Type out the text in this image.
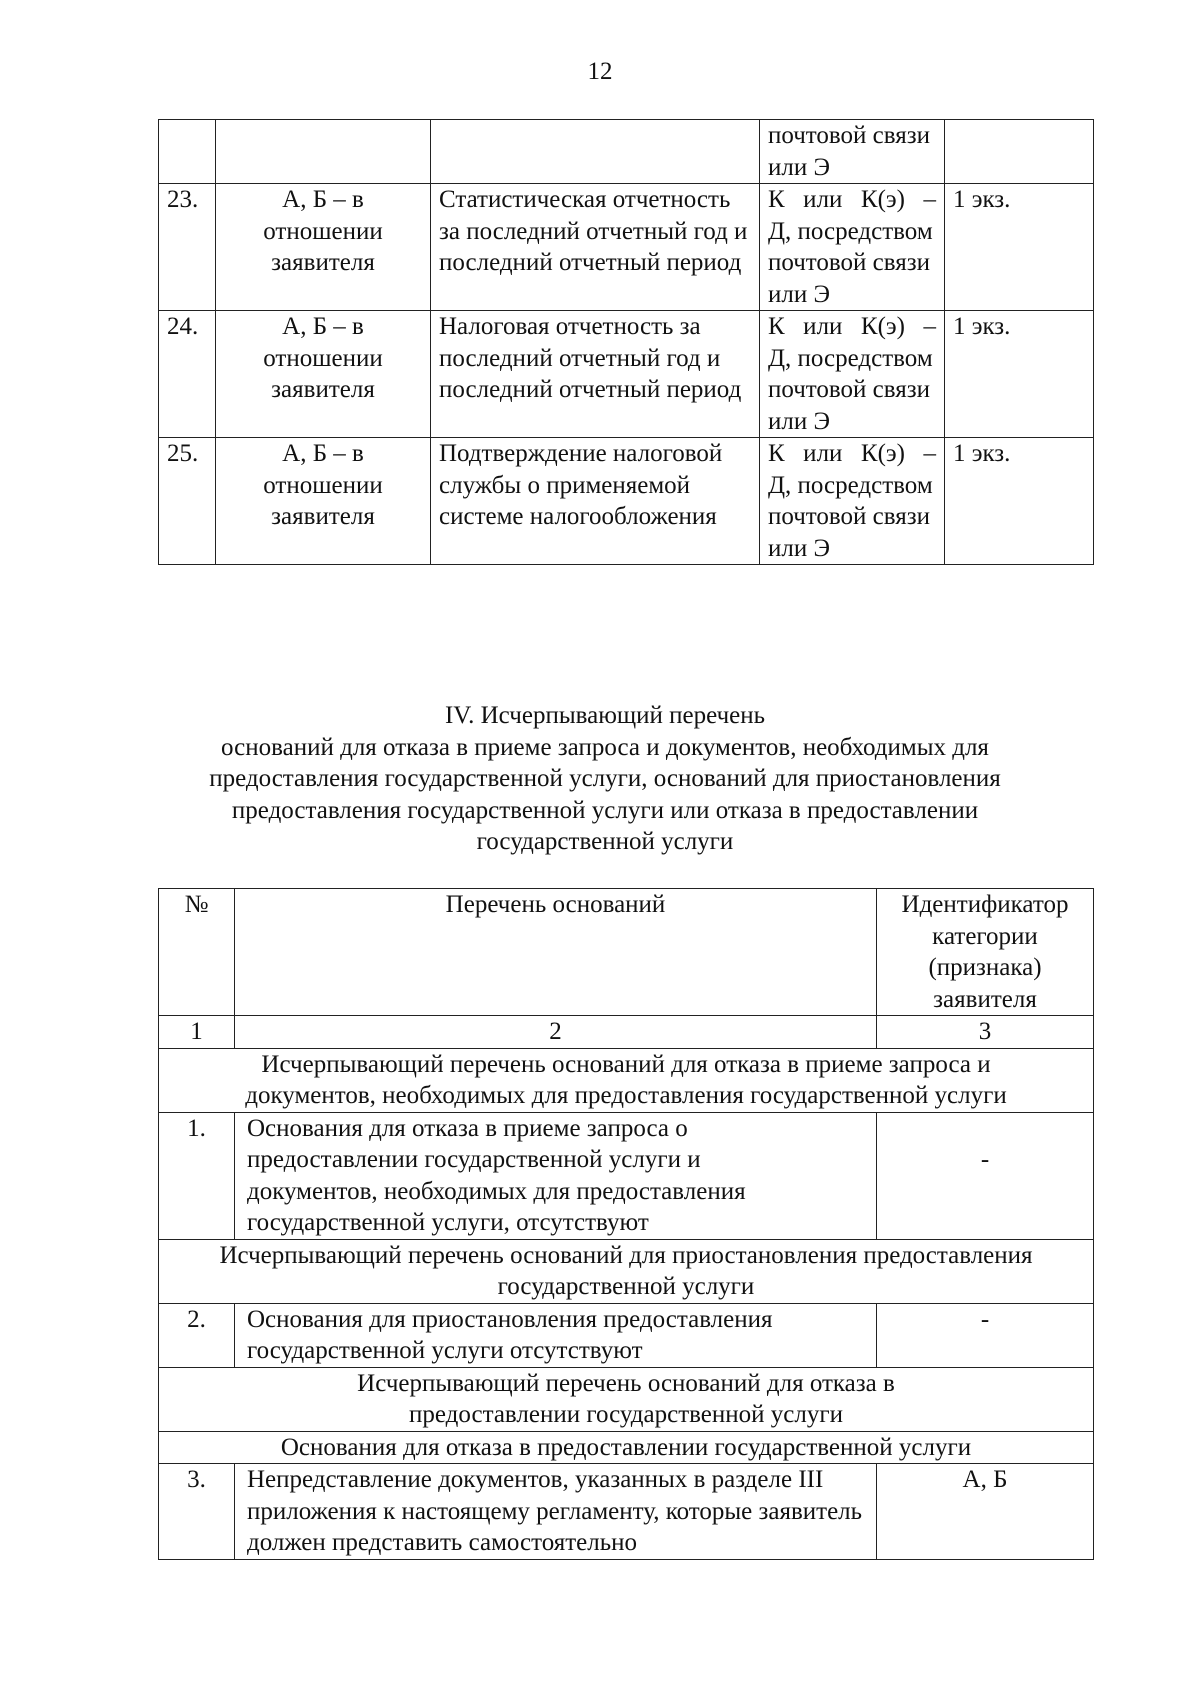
12
			почтовой связи или Э	
23.	А, Б – в отношении заявителя	Статистическая отчетность за последний отчетный год и последний отчетный период	К или К(э) –
Д, посредством почтовой связи или Э	1 экз.
24.	А, Б – в отношении заявителя	Налоговая отчетность за последний отчетный год и последний отчетный период	К или К(э) –
Д, посредством почтовой связи или Э	1 экз.
25.	А, Б – в отношении заявителя	Подтверждение налоговой службы о применяемой системе налогообложения	К или К(э) –
Д, посредством почтовой связи или Э	1 экз.
IV. Исчерпывающий перечень
оснований для отказа в приеме запроса и документов, необходимых для
предоставления государственной услуги, оснований для приостановления
предоставления государственной услуги или отказа в предоставлении
государственной услуги
№	Перечень оснований	Идентификатор категории (признака) заявителя
1	2	3
Исчерпывающий перечень оснований для отказа в приеме запроса и документов, необходимых для предоставления государственной услуги		
1.	Основания для отказа в приеме запроса о предоставлении государственной услуги и документов, необходимых для предоставления государственной услуги, отсутствуют	-
Исчерпывающий перечень оснований для приостановления предоставления государственной услуги		
2.	Основания для приостановления предоставления государственной услуги отсутствуют	-
Исчерпывающий перечень оснований для отказа в предоставлении государственной услуги		
Основания для отказа в предоставлении государственной услуги		
3.	Непредставление документов, указанных в разделе III приложения к настоящему регламенту, которые заявитель должен представить самостоятельно	А, Б
